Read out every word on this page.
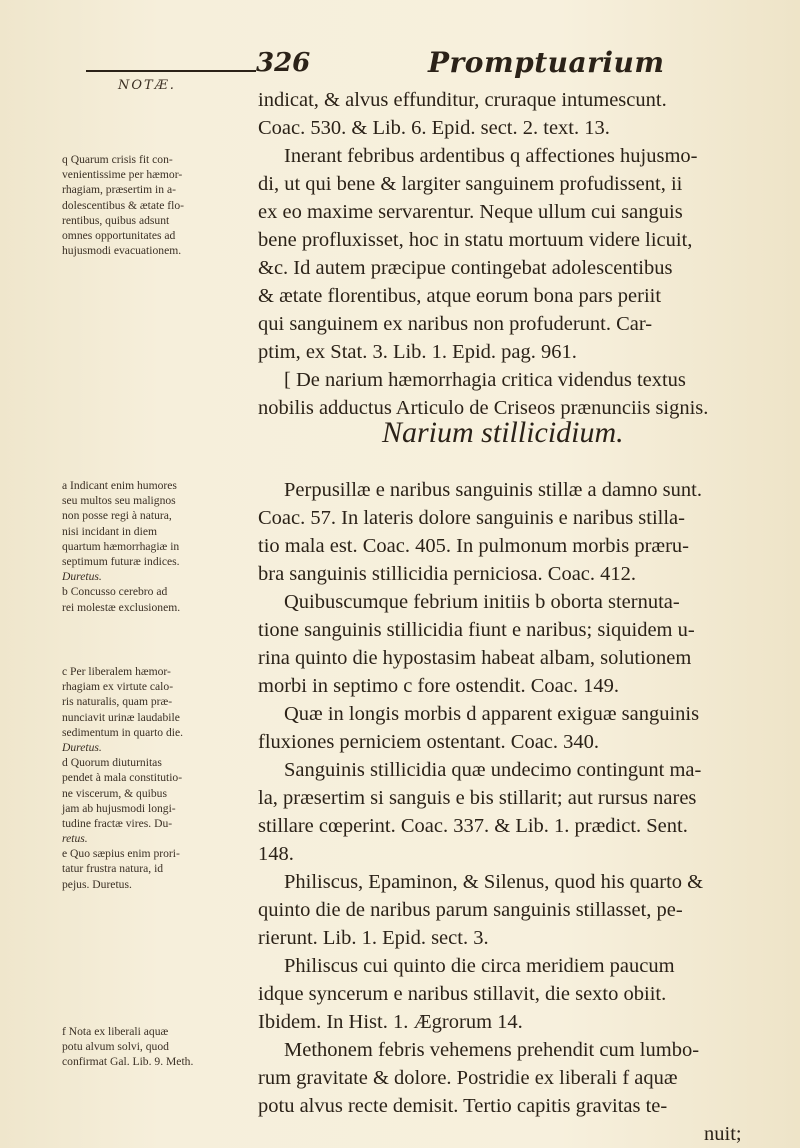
NOTÆ.
326	Promptuarium
indicat, & alvus effunditur, cruraque intumescunt.
Coac. 530. & Lib. 6. Epid. sect. 2. text. 13.
Inerant febribus ardentibus q affectiones hujusmo-
di, ut qui bene & largiter sanguinem profudissent, ii
ex eo maxime servarentur. Neque ullum cui sanguis
bene profluxisset, hoc in statu mortuum videre licuit,
&c. Id autem præcipue contingebat adolescentibus
& ætate florentibus, atque eorum bona pars periit
qui sanguinem ex naribus non profuderunt. Car-
ptim, ex Stat. 3. Lib. 1. Epid. pag. 961.
[ De narium hæmorrhagia critica videndus textus
nobilis adductus Articulo de Criseos prænunciis signis.
Narium stillicidium.
Perpusillæ e naribus sanguinis stillæ a damno sunt.
Coac. 57. In lateris dolore sanguinis e naribus stilla-
tio mala est. Coac. 405. In pulmonum morbis præru-
bra sanguinis stillicidia perniciosa. Coac. 412.
Quibuscumque febrium initiis b oborta sternuta-
tione sanguinis stillicidia fiunt e naribus; siquidem u-
rina quinto die hypostasim habeat albam, solutionem
morbi in septimo c fore ostendit. Coac. 149.
Quæ in longis morbis d apparent exiguæ sanguinis
fluxiones perniciem ostentant. Coac. 340.
Sanguinis stillicidia quæ undecimo contingunt ma-
la, præsertim si sanguis e bis stillarit; aut rursus nares
stillare cœperint. Coac. 337. & Lib. 1. prædict. Sent.
148.
Philiscus, Epaminon, & Silenus, quod his quarto &
quinto die de naribus parum sanguinis stillasset, pe-
rierunt. Lib. 1. Epid. sect. 3.
Philiscus cui quinto die circa meridiem paucum
idque syncerum e naribus stillavit, die sexto obiit.
Ibidem. In Hist. 1. Ægrorum 14.
Methonem febris vehemens prehendit cum lumbo-
rum gravitate & dolore. Postridie ex liberali f aquæ
potu alvus recte demisit. Tertio capitis gravitas te-
nuit;
q Quarum crisis fit con-
venientissime per hæmor-
rhagiam, præsertim in a-
dolescentibus & ætate flo-
rentibus, quibus adsunt
omnes opportunitates ad
hujusmodi evacuationem.
a Indicant enim humores
seu multos seu malignos
non posse regi à natura,
nisi incidant in diem
quartum hæmorrhagiæ in
septimum futuræ indices.
Duretus.
b Concusso cerebro ad
rei molestæ exclusionem.
c Per liberalem hæmor-
rhagiam ex virtute calo-
ris naturalis, quam præ-
nunciavit urinæ laudabile
sedimentum in quarto die.
Duretus.
d Quorum diuturnitas
pendet à mala constitutio-
ne viscerum, & quibus
jam ab hujusmodi longi-
tudine fractæ vires. Du-
retus.
e Quo sæpius enim prori-
tatur frustra natura, id
pejus. Duretus.
f Nota ex liberali aquæ
potu alvum solvi, quod
confirmat Gal. Lib. 9. Meth.
